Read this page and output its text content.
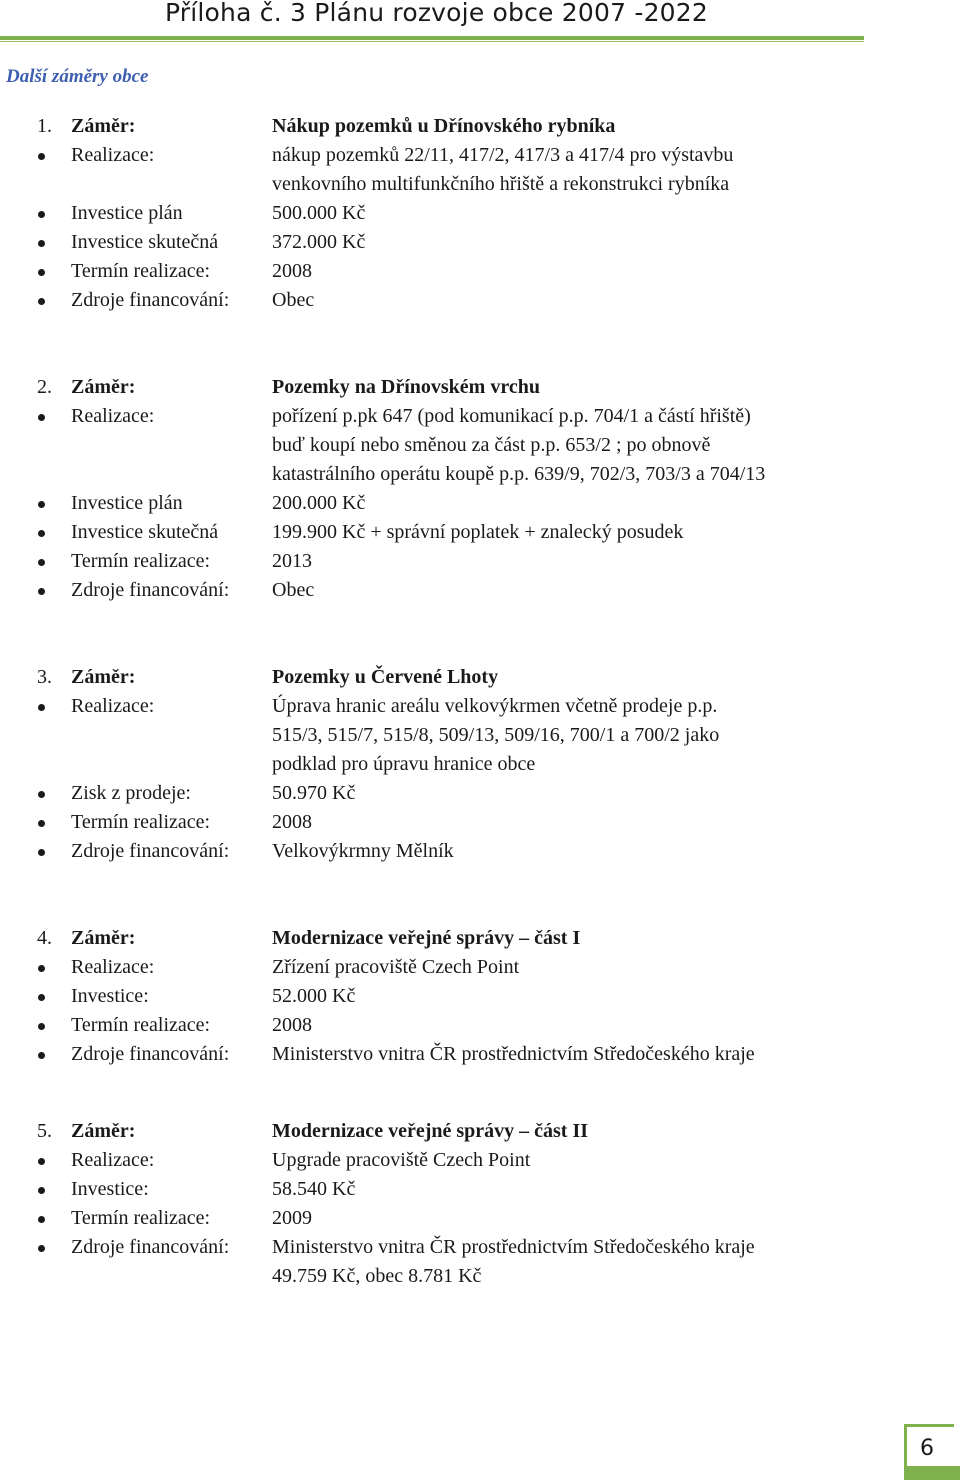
Příloha č. 3 Plánu rozvoje obce 2007 -2022
Další záměry obce
1. Záměr:	Nákup pozemků u Dřínovského rybníka
Realizace:	nákup pozemků 22/11, 417/2, 417/3 a 417/4 pro výstavbu
venkovního multifunkčního hřiště a rekonstrukci rybníka
Investice plán	500.000 Kč
Investice skutečná	372.000 Kč
Termín realizace:	2008
Zdroje financování: Obec
2. Záměr:	Pozemky na Dřínovském vrchu
Realizace:	pořízení p.pk 647 (pod komunikací p.p. 704/1 a částí hřiště)
buď koupí nebo směnou za část p.p. 653/2 ; po obnově
katastrálního operátu koupě p.p. 639/9, 702/3, 703/3 a 704/13
Investice plán	200.000 Kč
Investice skutečná	199.900 Kč + správní poplatek + znalecký posudek
Termín realizace:	2013
Zdroje financování: Obec
3. Záměr:	Pozemky u Červené Lhoty
Realizace:	Úprava hranic areálu velkovýkrmen včetně prodeje p.p.
515/3, 515/7, 515/8, 509/13, 509/16, 700/1 a 700/2 jako
podklad pro úpravu hranice obce
Zisk z prodeje:	50.970 Kč
Termín realizace:	2008
Zdroje financování: Velkovýkrmny Mělník
4. Záměr:	Modernizace veřejné správy – část I
Realizace:	Zřízení pracoviště Czech Point
Investice:	52.000 Kč
Termín realizace:	2008
Zdroje financování: Ministerstvo vnitra ČR prostřednictvím Středočeského kraje
5. Záměr:	Modernizace veřejné správy – část II
Realizace:	Upgrade pracoviště Czech Point
Investice:	58.540 Kč
Termín realizace:	2009
Zdroje financování: Ministerstvo vnitra ČR prostřednictvím Středočeského kraje
49.759 Kč, obec 8.781 Kč
6
